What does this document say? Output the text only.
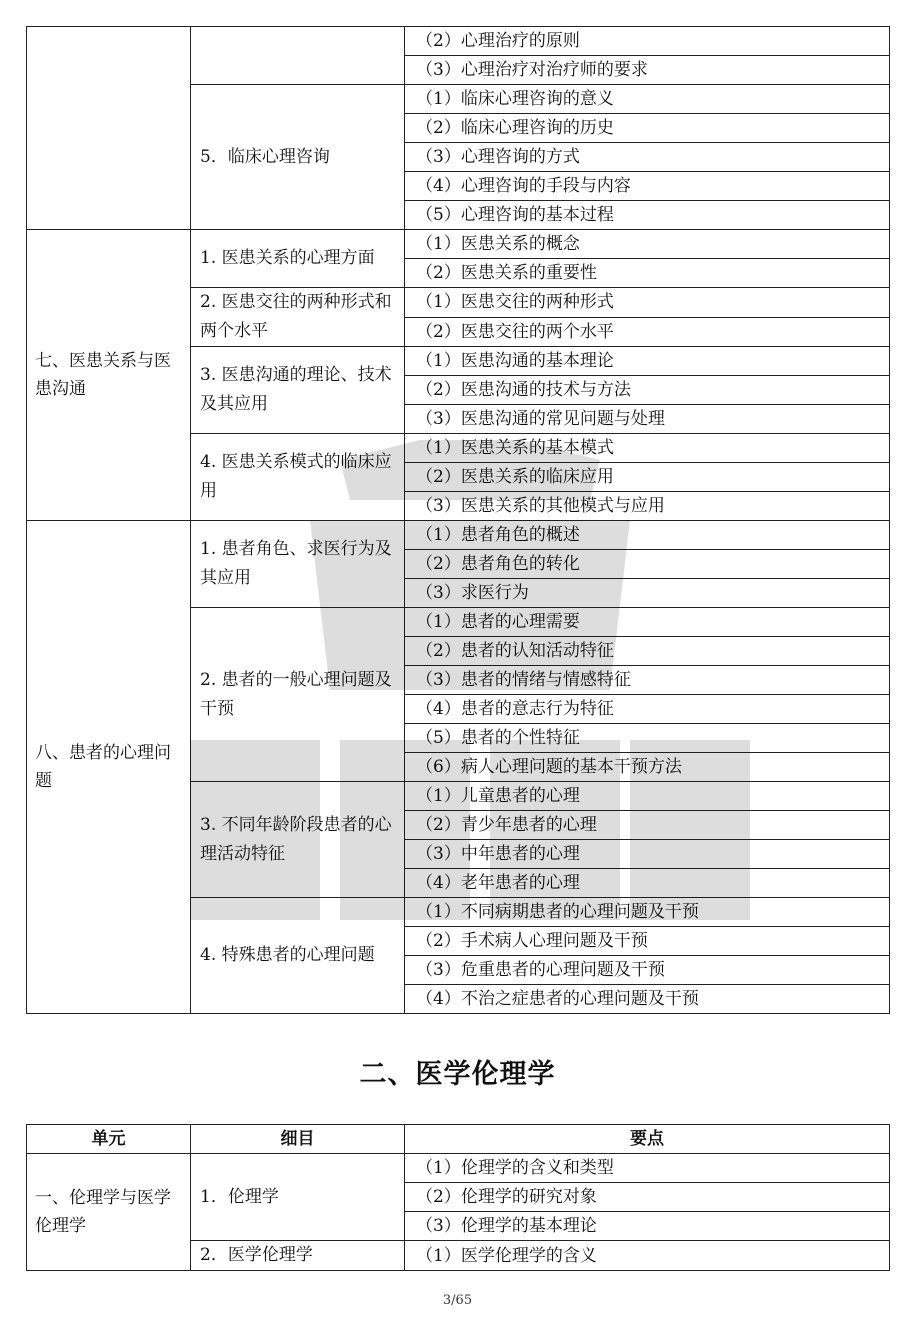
		（2）心理治疗的原则
		（3）心理治疗对治疗师的要求
	5．临床心理咨询	（1）临床心理咨询的意义
		（2）临床心理咨询的历史
		（3）心理咨询的方式
		（4）心理咨询的手段与内容
		（5）心理咨询的基本过程
七、医患关系与医患沟通	1. 医患关系的心理方面	（1）医患关系的概念
		（2）医患关系的重要性
	2. 医患交往的两种形式和两个水平	（1）医患交往的两种形式
		（2）医患交往的两个水平
	3. 医患沟通的理论、技术及其应用	（1）医患沟通的基本理论
		（2）医患沟通的技术与方法
		（3）医患沟通的常见问题与处理
	4. 医患关系模式的临床应用	（1）医患关系的基本模式
		（2）医患关系的临床应用
		（3）医患关系的其他模式与应用
八、患者的心理问题	1. 患者角色、求医行为及其应用	（1）患者角色的概述
		（2）患者角色的转化
		（3）求医行为
	2. 患者的一般心理问题及干预	（1）患者的心理需要
		（2）患者的认知活动特征
		（3）患者的情绪与情感特征
		（4）患者的意志行为特征
		（5）患者的个性特征
		（6）病人心理问题的基本干预方法
	3. 不同年龄阶段患者的心理活动特征	（1）儿童患者的心理
		（2）青少年患者的心理
		（3）中年患者的心理
		（4）老年患者的心理
	4. 特殊患者的心理问题	（1）不同病期患者的心理问题及干预
		（2）手术病人心理问题及干预
		（3）危重患者的心理问题及干预
		（4）不治之症患者的心理问题及干预
二、医学伦理学
单元	细目	要点
一、伦理学与医学伦理学	1．伦理学	（1）伦理学的含义和类型
		（2）伦理学的研究对象
		（3）伦理学的基本理论
	2．医学伦理学	（1）医学伦理学的含义
3/65
